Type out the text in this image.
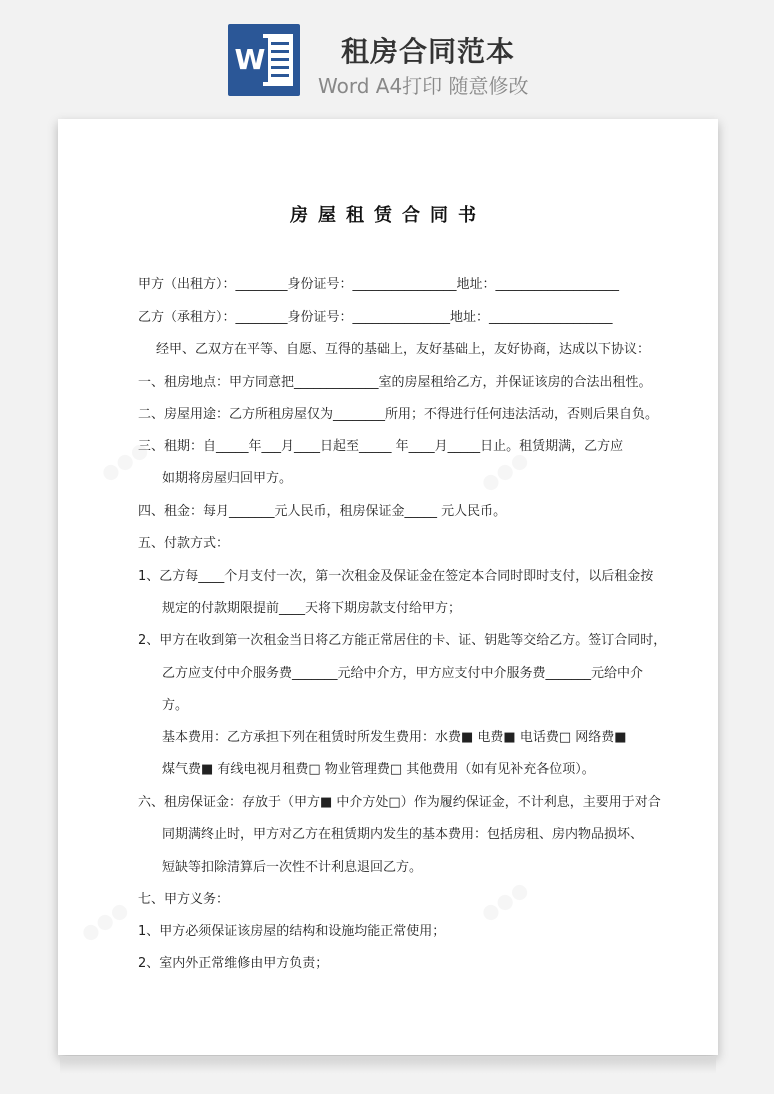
W	租房合同范本
Word A4打印 随意修改
房屋租赁合同书
甲方（出租方）：________身份证号：________________地址：___________________
乙方（承租方）：________身份证号：_______________地址：___________________
经甲、乙双方在平等、自愿、互得的基础上，友好基础上，友好协商，达成以下协议：
一、租房地点：甲方同意把_____________室的房屋租给乙方，并保证该房的合法出租性。
二、房屋用途：乙方所租房屋仅为________所用；不得进行任何违法活动，否则后果自负。
三、租期：自_____年___月____日起至_____ 年____月_____日止。租赁期满，乙方应
如期将房屋归回甲方。
四、租金：每月_______元人民币，租房保证金_____ 元人民币。
五、付款方式：
1、乙方每____个月支付一次，第一次租金及保证金在签定本合同时即时支付，以后租金按
规定的付款期限提前____天将下期房款支付给甲方；
2、甲方在收到第一次租金当日将乙方能正常居住的卡、证、钥匙等交给乙方。签订合同时，
乙方应支付中介服务费_______元给中介方，甲方应支付中介服务费_______元给中介
方。
基本费用：乙方承担下列在租赁时所发生费用：水费■ 电费■ 电话费□ 网络费■
煤气费■ 有线电视月租费□ 物业管理费□ 其他费用（如有见补充各位项）。
六、租房保证金：存放于（甲方■ 中介方处□）作为履约保证金，不计利息，主要用于对合
同期满终止时，甲方对乙方在租赁期内发生的基本费用：包括房租、房内物品损坏、
短缺等扣除清算后一次性不计利息退回乙方。
七、甲方义务：
1、甲方必须保证该房屋的结构和设施均能正常使用；
2、室内外正常维修由甲方负责；
